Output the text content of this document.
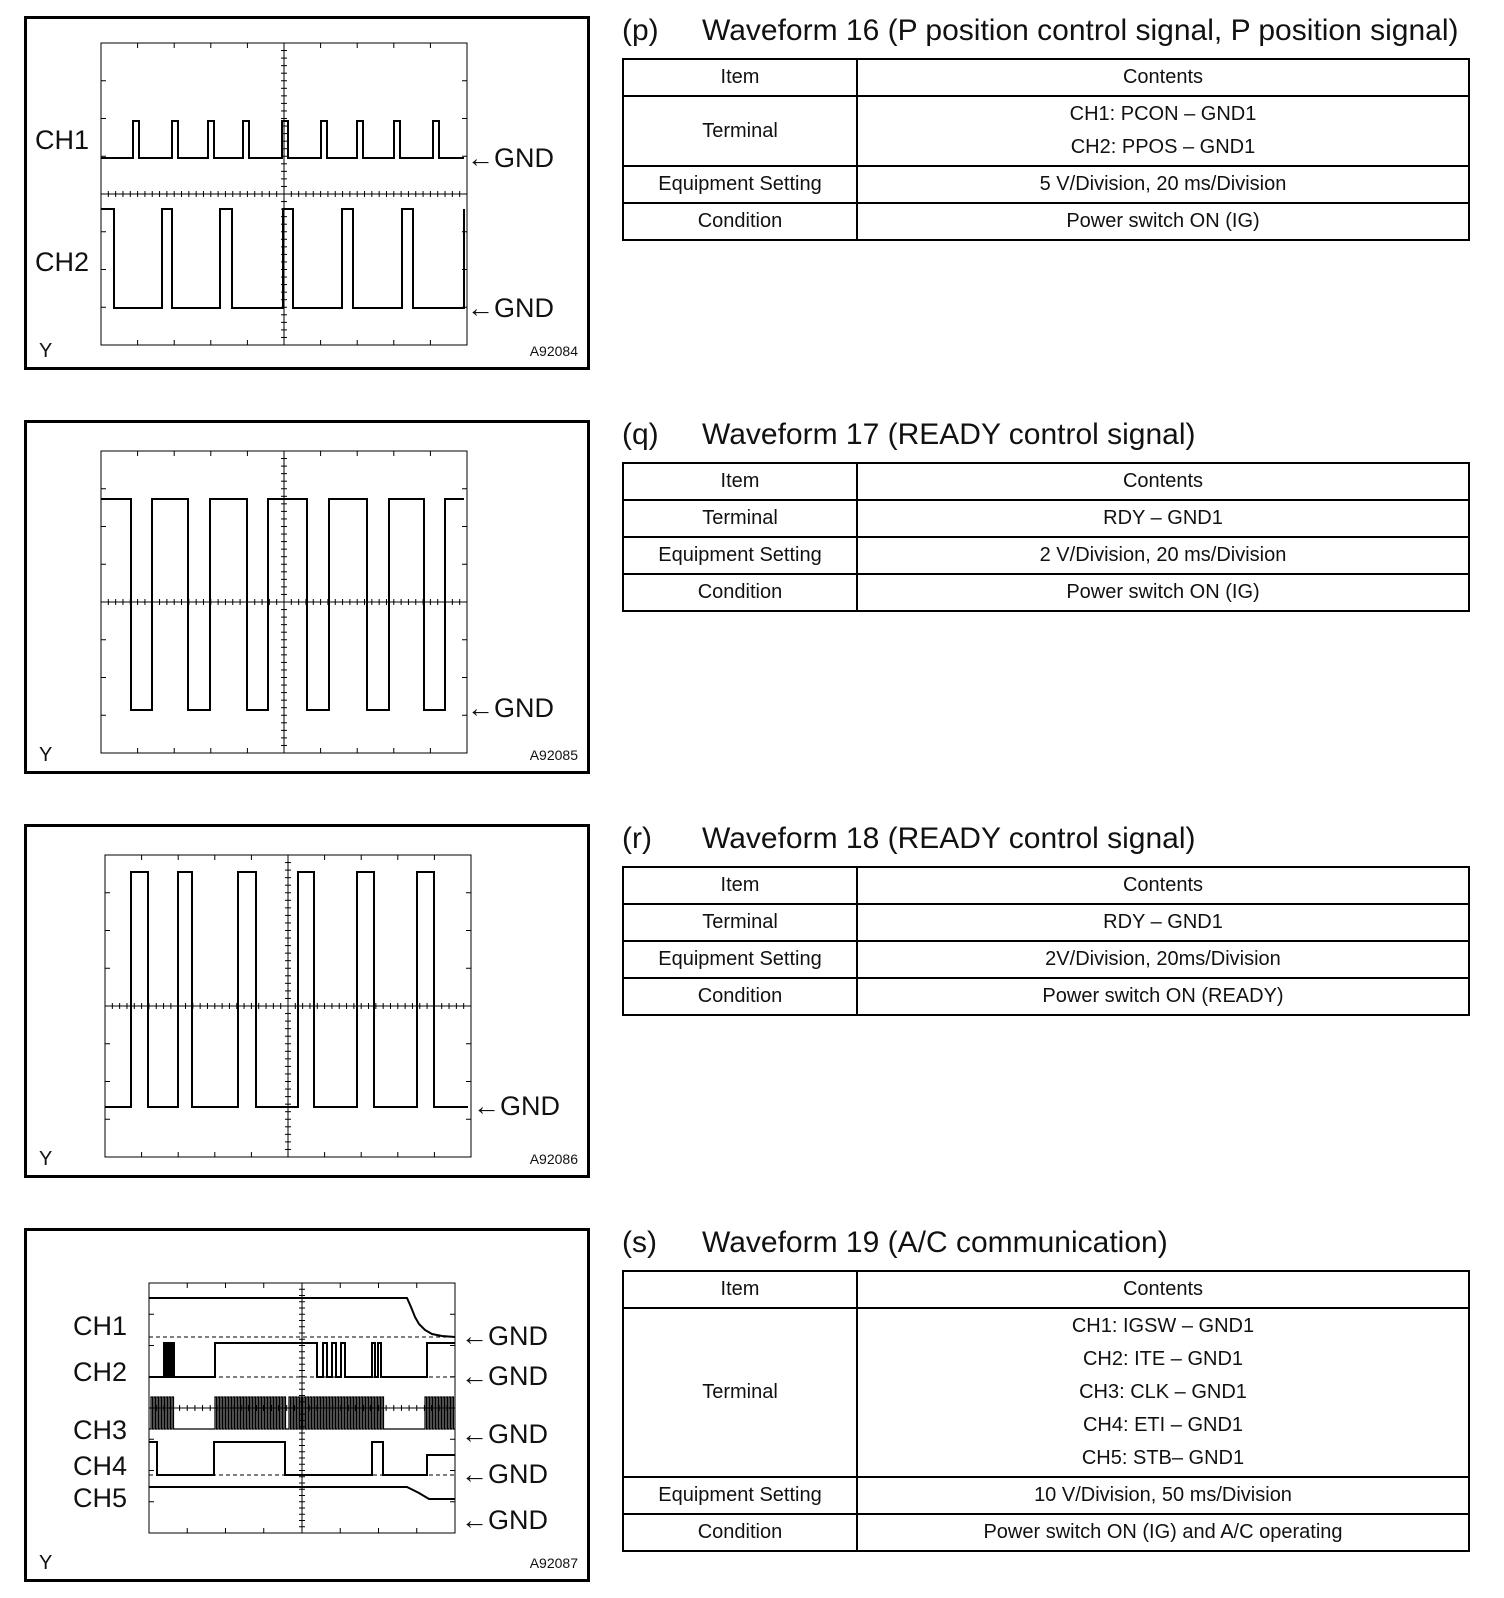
CH1
CH2
←GND
←GND
Y	A92084
(p) Waveform 16 (P position control signal, P position signal)
Item	Contents
Terminal	CH1: PCON – GND1
CH2: PPOS – GND1

Equipment Setting	5 V/Division, 20 ms/Division
Condition	Power switch ON (IG)
←GND
Y	A92085
(q) Waveform 17 (READY control signal)
Item	Contents
Terminal	RDY – GND1
Equipment Setting	2 V/Division, 20 ms/Division
Condition	Power switch ON (IG)
←GND
Y	A92086
(r) Waveform 18 (READY control signal)
Item	Contents
Terminal	RDY – GND1
Equipment Setting	2V/Division, 20ms/Division
Condition	Power switch ON (READY)
CH1
CH2
CH3
CH4
CH5
←GND
←GND
←GND
←GND
←GND
Y	A92087
(s) Waveform 19 (A/C communication)
Item	Contents
Terminal	CH1: IGSW – GND1
CH2: ITE – GND1
CH3: CLK – GND1
CH4: ETI – GND1
CH5: STB– GND1

Equipment Setting	10 V/Division, 50 ms/Division
Condition	Power switch ON (IG) and A/C operating
